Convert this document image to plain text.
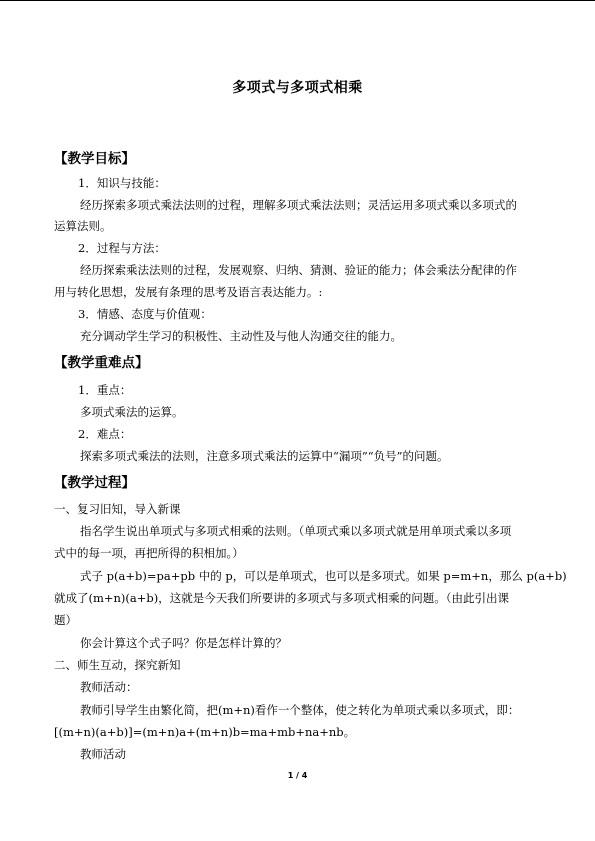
多项式与多项式相乘
【教学目标】
1．知识与技能：
经历探索多项式乘法法则的过程，理解多项式乘法法则；灵活运用多项式乘以多项式的
运算法则。
2．过程与方法：
经历探索乘法法则的过程，发展观察、归纳、猜测、验证的能力；体会乘法分配律的作
用与转化思想，发展有条理的思考及语言表达能力。:
3．情感、态度与价值观：
充分调动学生学习的积极性、主动性及与他人沟通交往的能力。
【教学重难点】
1．重点：
多项式乘法的运算。
2．难点：
探索多项式乘法的法则，注意多项式乘法的运算中“漏项”“负号”的问题。
【教学过程】
一、复习旧知，导入新课
指名学生说出单项式与多项式相乘的法则。（单项式乘以多项式就是用单项式乘以多项
式中的每一项，再把所得的积相加。）
式子 p(a+b)=pa+pb 中的 p，可以是单项式，也可以是多项式。如果 p=m+n，那么 p(a+b)
就成了(m+n)(a+b)，这就是今天我们所要讲的多项式与多项式相乘的问题。（由此引出课
题）
你会计算这个式子吗？你是怎样计算的？
二、师生互动，探究新知
教师活动：
教师引导学生由繁化简，把(m+n)看作一个整体，使之转化为单项式乘以多项式，即：
[(m+n)(a+b)]=(m+n)a+(m+n)b=ma+mb+na+nb。
教师活动
1 / 4
